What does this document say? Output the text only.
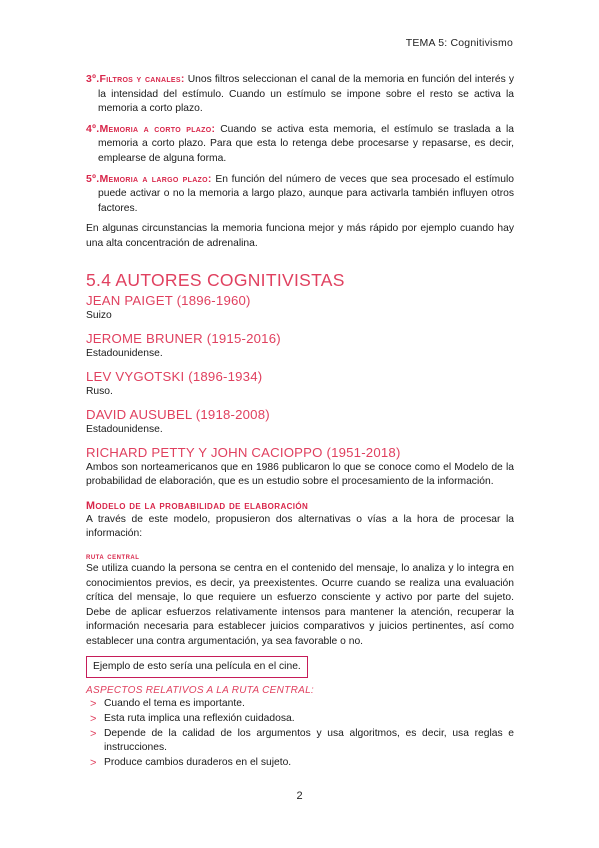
TEMA 5: Cognitivismo

3º.Filtros y canales: Unos filtros seleccionan el canal de la memoria en función del interés y la intensidad del estímulo. Cuando un estímulo se impone sobre el resto se activa la memoria a corto plazo.

4º.Memoria a corto plazo: Cuando se activa esta memoria, el estímulo se traslada a la memoria a corto plazo. Para que esta lo retenga debe procesarse y repasarse, es decir, emplearse de alguna forma.

5º.Memoria a largo plazo: En función del número de veces que sea procesado el estímulo puede activar o no la memoria a largo plazo, aunque para activarla también influyen otros factores.

En algunas circunstancias la memoria funciona mejor y más rápido por ejemplo cuando hay una alta concentración de adrenalina.

5.4 AUTORES COGNITIVISTAS
JEAN PAIGET (1896-1960)

Suizo

JEROME BRUNER (1915-2016)

Estadounidense.

LEV VYGOTSKI (1896-1934)

Ruso.

DAVID AUSUBEL (1918-2008)

Estadounidense.

RICHARD PETTY Y JOHN CACIOPPO (1951-2018)

Ambos son norteamericanos que en 1986 publicaron lo que se conoce como el Modelo de la probabilidad de elaboración, que es un estudio sobre el procesamiento de la información.

Modelo de la probabilidad de elaboración

A través de este modelo, propusieron dos alternativas o vías a la hora de procesar la información:

ruta central

Se utiliza cuando la persona se centra en el contenido del mensaje, lo analiza y lo integra en conocimientos previos, es decir, ya preexistentes. Ocurre cuando se realiza una evaluación crítica del mensaje, lo que requiere un esfuerzo consciente y activo por parte del sujeto. Debe de aplicar esfuerzos relativamente intensos para mantener la atención, recuperar la información necesaria para establecer juicios comparativos y juicios pertinentes, así como establecer una contra argumentación, ya sea favorable o no.

Ejemplo de esto sería una película en el cine.
ASPECTOS RELATIVOS A LA RUTA CENTRAL:
> Cuando el tema es importante.
> Esta ruta implica una reflexión cuidadosa.
> Depende de la calidad de los argumentos y usa algoritmos, es decir, usa reglas e instrucciones.
> Produce cambios duraderos en el sujeto.
2
